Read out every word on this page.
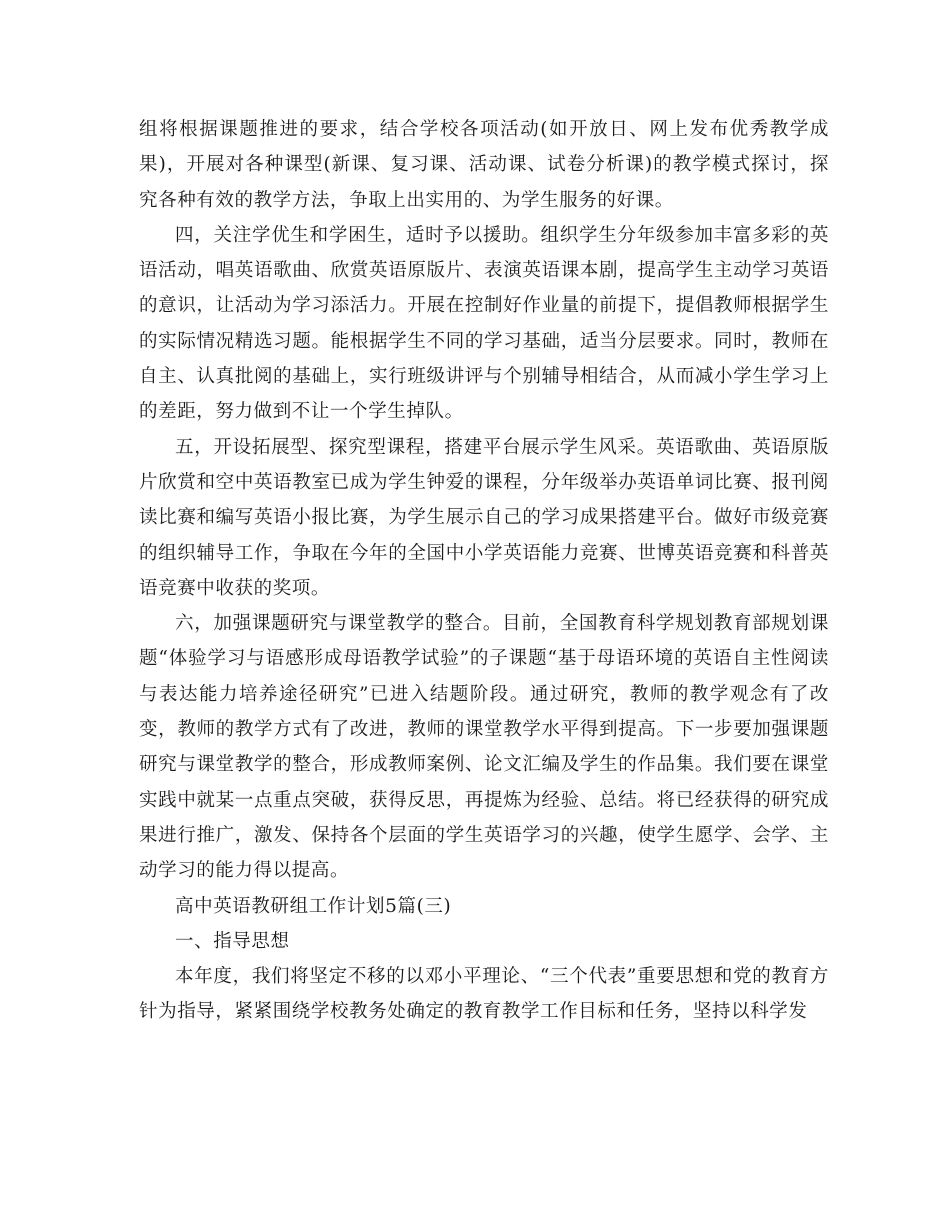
组将根据课题推进的要求，结合学校各项活动(如开放日、网上发布优秀教学成果)，开展对各种课型(新课、复习课、活动课、试卷分析课)的教学模式探讨，探究各种有效的教学方法，争取上出实用的、为学生服务的好课。

四，关注学优生和学困生，适时予以援助。组织学生分年级参加丰富多彩的英语活动，唱英语歌曲、欣赏英语原版片、表演英语课本剧，提高学生主动学习英语的意识，让活动为学习添活力。开展在控制好作业量的前提下，提倡教师根据学生的实际情况精选习题。能根据学生不同的学习基础，适当分层要求。同时，教师在自主、认真批阅的基础上，实行班级讲评与个别辅导相结合，从而减小学生学习上的差距，努力做到不让一个学生掉队。

五，开设拓展型、探究型课程，搭建平台展示学生风采。英语歌曲、英语原版片欣赏和空中英语教室已成为学生钟爱的课程，分年级举办英语单词比赛、报刊阅读比赛和编写英语小报比赛，为学生展示自己的学习成果搭建平台。做好市级竞赛的组织辅导工作，争取在今年的全国中小学英语能力竞赛、世博英语竞赛和科普英语竞赛中收获的奖项。

六，加强课题研究与课堂教学的整合。目前，全国教育科学规划教育部规划课题“体验学习与语感形成母语教学试验”的子课题“基于母语环境的英语自主性阅读与表达能力培养途径研究”已进入结题阶段。通过研究，教师的教学观念有了改变，教师的教学方式有了改进，教师的课堂教学水平得到提高。下一步要加强课题研究与课堂教学的整合，形成教师案例、论文汇编及学生的作品集。我们要在课堂实践中就某一点重点突破，获得反思，再提炼为经验、总结。将已经获得的研究成果进行推广，激发、保持各个层面的学生英语学习的兴趣，使学生愿学、会学、主动学习的能力得以提高。

高中英语教研组工作计划5篇(三)

一、指导思想

本年度，我们将坚定不移的以邓小平理论、“三个代表”重要思想和党的教育方针为指导，紧紧围绕学校教务处确定的教育教学工作目标和任务，坚持以科学发
